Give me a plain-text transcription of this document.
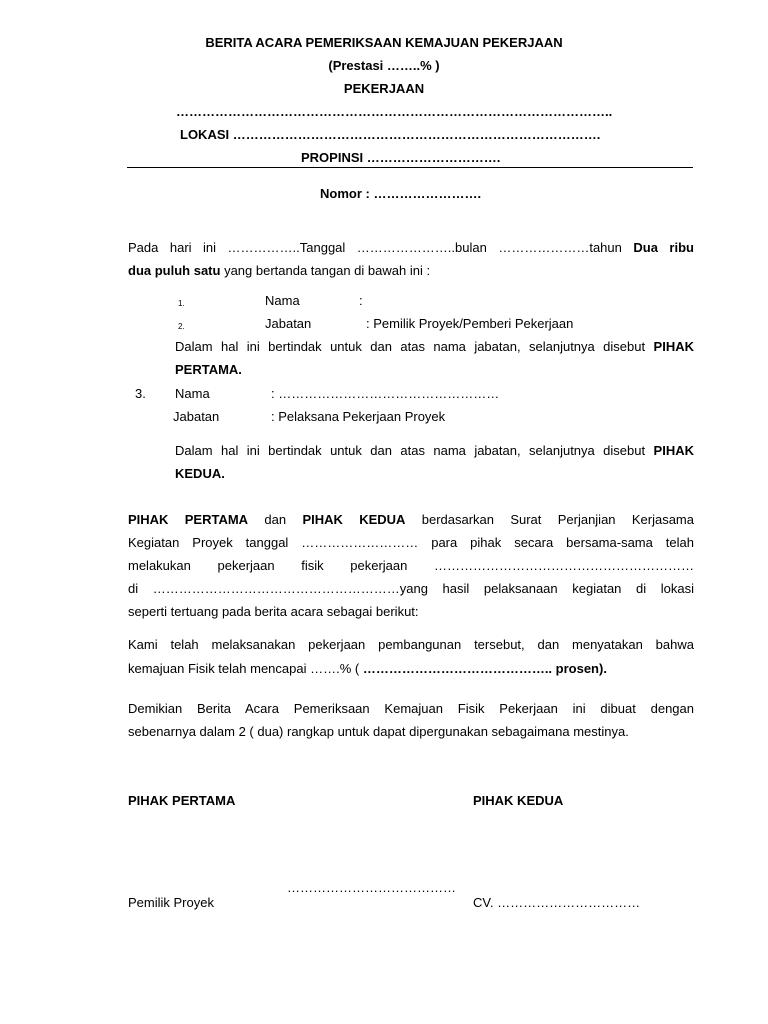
BERITA ACARA PEMERIKSAAN KEMAJUAN PEKERJAAN
(Prestasi ……..% )
PEKERJAAN
………………………………………………………………………………………..
LOKASI ………………………………………………………………………….
PROPINSI ………………………….
Nomor : …………………….
Pada hari ini ……………..Tanggal …………………..bulan …………………tahun Dua ribu
dua puluh satu yang bertanda tangan di bawah ini :
1.	Nama	:
2.	Jabatan	: Pemilik Proyek/Pemberi Pekerjaan
Dalam hal ini bertindak untuk dan atas nama jabatan, selanjutnya disebut PIHAK
PERTAMA.
3. Nama	: ……………………………………………
Jabatan	: Pelaksana Pekerjaan Proyek
Dalam hal ini bertindak untuk dan atas nama jabatan, selanjutnya disebut PIHAK
KEDUA.
PIHAK PERTAMA dan PIHAK KEDUA berdasarkan Surat Perjanjian Kerjasama
Kegiatan Proyek tanggal ……………………… para pihak secara bersama-sama telah
melakukan pekerjaan fisik pekerjaan ……………………………………………………
di …………………………………………………yang hasil pelaksanaan kegiatan di lokasi
seperti tertuang pada berita acara sebagai berikut:
Kami telah melaksanakan pekerjaan pembangunan tersebut, dan menyatakan bahwa
kemajuan Fisik telah mencapai …….% ( …………………………………….. prosen).
Demikian Berita Acara Pemeriksaan Kemajuan Fisik Pekerjaan ini dibuat dengan
sebenarnya dalam 2 ( dua) rangkap untuk dapat dipergunakan sebagaimana mestinya.
PIHAK PERTAMA	PIHAK KEDUA
…………………………………
Pemilik Proyek	CV. ……………………………
